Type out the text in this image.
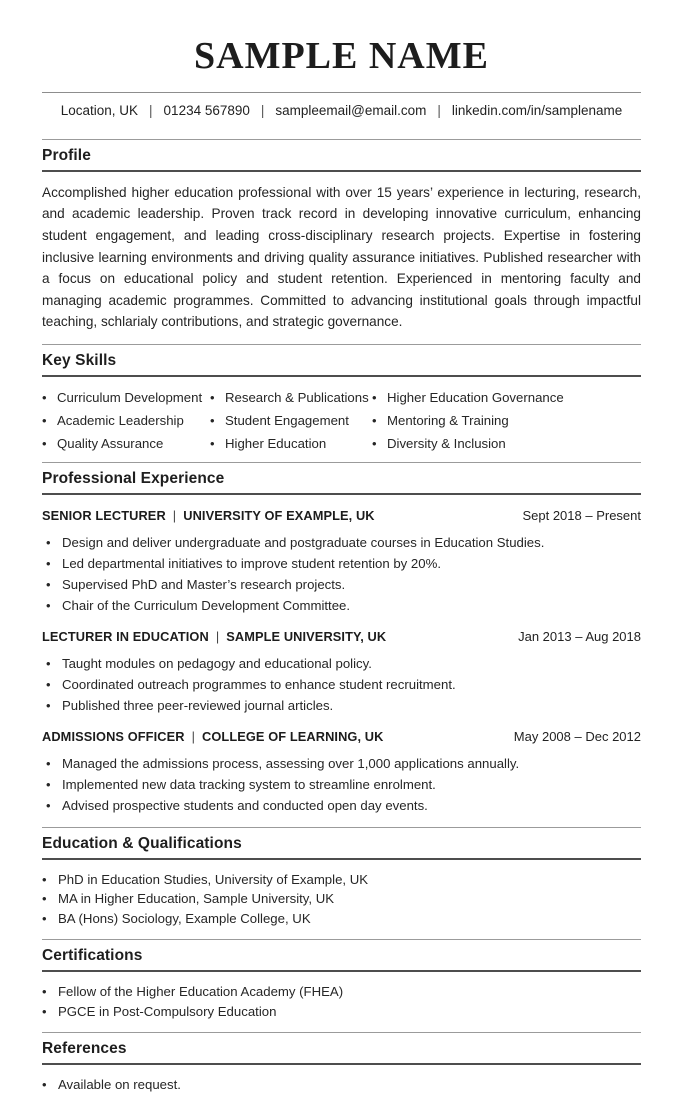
SAMPLE NAME
Location, UK | 01234 567890 | sampleemail@email.com | linkedin.com/in/samplename
Profile

Accomplished higher education professional with over 15 years’ experience in lecturing, research, and academic leadership. Proven track record in developing innovative curriculum, enhancing student engagement, and leading cross-disciplinary research projects. Expertise in fostering inclusive learning environments and driving quality assurance initiatives. Published researcher with a focus on educational policy and student retention. Experienced in mentoring faculty and managing academic programmes. Committed to advancing institutional goals through impactful teaching, schlarialy contributions, and strategic governance.

Key Skills
• Curriculum Development • Research & Publications • Higher Education Governance
• Academic Leadership • Student Engagement • Mentoring & Training
• Quality Assurance	• Higher Education	• Diversity & Inclusion
Professional Experience
SENIOR LECTURER | UNIVERSITY OF EXAMPLE, UK	Sept 2018 – Present
• Design and deliver undergraduate and postgraduate courses in Education Studies.
• Led departmental initiatives to improve student retention by 20%.
• Supervised PhD and Master’s research projects.
• Chair of the Curriculum Development Committee.
LECTURER IN EDUCATION | SAMPLE UNIVERSITY, UK	Jan 2013 – Aug 2018
• Taught modules on pedagogy and educational policy.
• Coordinated outreach programmes to enhance student recruitment.
• Published three peer-reviewed journal articles.
ADMISSIONS OFFICER | COLLEGE OF LEARNING, UK	May 2008 – Dec 2012
• Managed the admissions process, assessing over 1,000 applications annually.
• Implemented new data tracking system to streamline enrolment.
• Advised prospective students and conducted open day events.
Education & Qualifications
• PhD in Education Studies, University of Example, UK
• MA in Higher Education, Sample University, UK
• BA (Hons) Sociology, Example College, UK
Certifications
• Fellow of the Higher Education Academy (FHEA)
• PGCE in Post-Compulsory Education
References
• Available on request.
